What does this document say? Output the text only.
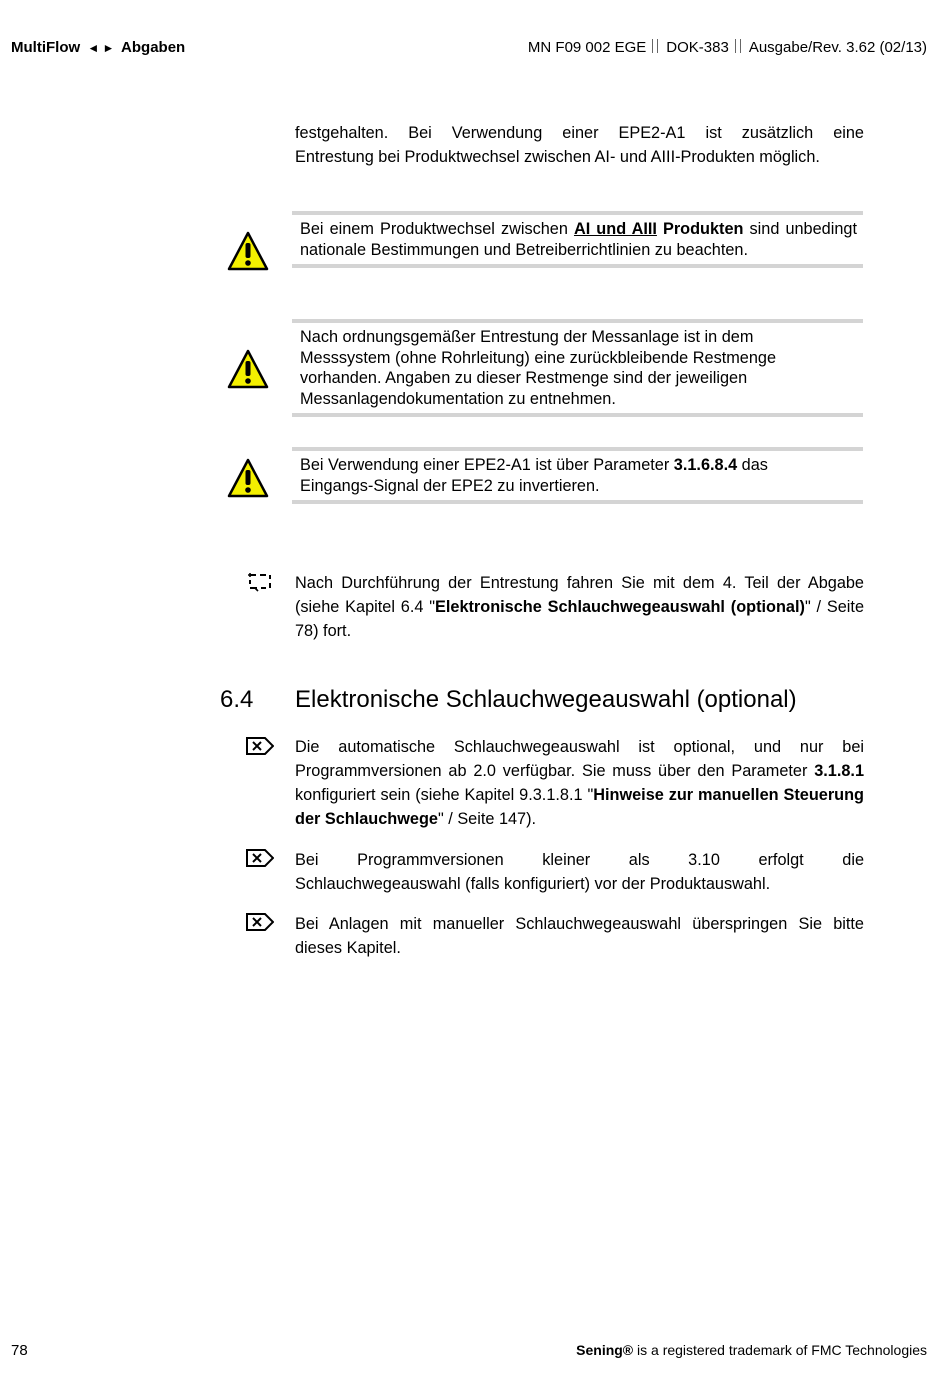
MultiFlow ◄ ► Abgaben	MN F09 002 EGE DOK-383 Ausgabe/Rev. 3.62 (02/13)
festgehalten. Bei Verwendung einer EPE2-A1 ist zusätzlich eine
Entrestung bei Produktwechsel zwischen AI- und AIII-Produkten möglich.
Bei einem Produktwechsel zwischen AI und AIII Produkten sind unbedingt nationale Bestimmungen und Betreiberrichtlinien zu beachten.
Nach ordnungsgemäßer Entrestung der Messanlage ist in dem
Messsystem (ohne Rohrleitung) eine zurückbleibende Restmenge
vorhanden. Angaben zu dieser Restmenge sind der jeweiligen
Messanlagendokumentation zu entnehmen.
Bei Verwendung einer EPE2-A1 ist über Parameter 3.1.6.8.4 das
Eingangs-Signal der EPE2 zu invertieren.
Nach Durchführung der Entrestung fahren Sie mit dem 4. Teil der Abgabe (siehe Kapitel 6.4 "Elektronische Schlauchwegeauswahl (optional)" / Seite 78) fort.
6.4 Elektronische Schlauchwegeauswahl (optional)
Die automatische Schlauchwegeauswahl ist optional, und nur bei Programmversionen ab 2.0 verfügbar. Sie muss über den Parameter 3.1.8.1 konfiguriert sein (siehe Kapitel 9.3.1.8.1 "Hinweise zur manuellen Steuerung der Schlauchwege" / Seite 147).
Bei Programmversionen kleiner als 3.10 erfolgt die
Schlauchwegeauswahl (falls konfiguriert) vor der Produktauswahl.
Bei Anlagen mit manueller Schlauchwegeauswahl überspringen Sie bitte
dieses Kapitel.
78	Sening® is a registered trademark of FMC Technologies
